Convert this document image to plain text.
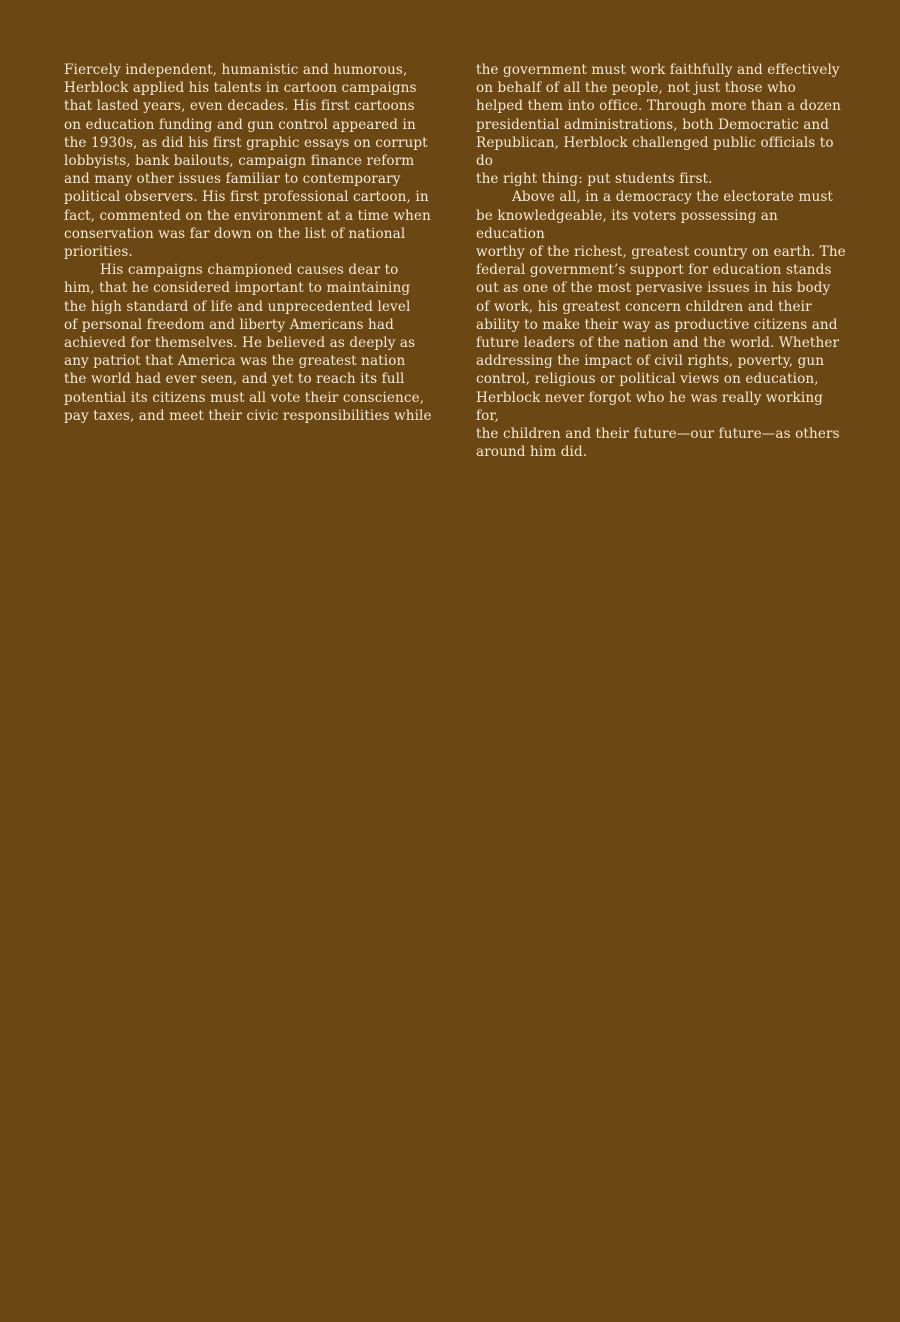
Fiercely independent, humanistic and humorous,
Herblock applied his talents in cartoon campaigns
that lasted years, even decades. His first cartoons
on education funding and gun control appeared in
the 1930s, as did his first graphic essays on corrupt
lobbyists, bank bailouts, campaign finance reform
and many other issues familiar to contemporary
political observers. His first professional cartoon, in
fact, commented on the environment at a time when
conservation was far down on the list of national
priorities.

His campaigns championed causes dear to
him, that he considered important to maintaining
the high standard of life and unprecedented level
of personal freedom and liberty Americans had
achieved for themselves. He believed as deeply as
any patriot that America was the greatest nation
the world had ever seen, and yet to reach its full
potential its citizens must all vote their conscience,
pay taxes, and meet their civic responsibilities while

the government must work faithfully and effectively
on behalf of all the people, not just those who
helped them into office. Through more than a dozen
presidential administrations, both Democratic and
Republican, Herblock challenged public officials to do
the right thing: put students first.

Above all, in a democracy the electorate must
be knowledgeable, its voters possessing an education
worthy of the richest, greatest country on earth. The
federal government’s support for education stands
out as one of the most pervasive issues in his body
of work, his greatest concern children and their
ability to make their way as productive citizens and
future leaders of the nation and the world. Whether
addressing the impact of civil rights, poverty, gun
control, religious or political views on education,
Herblock never forgot who he was really working for,
the children and their future—our future—as others
around him did.
